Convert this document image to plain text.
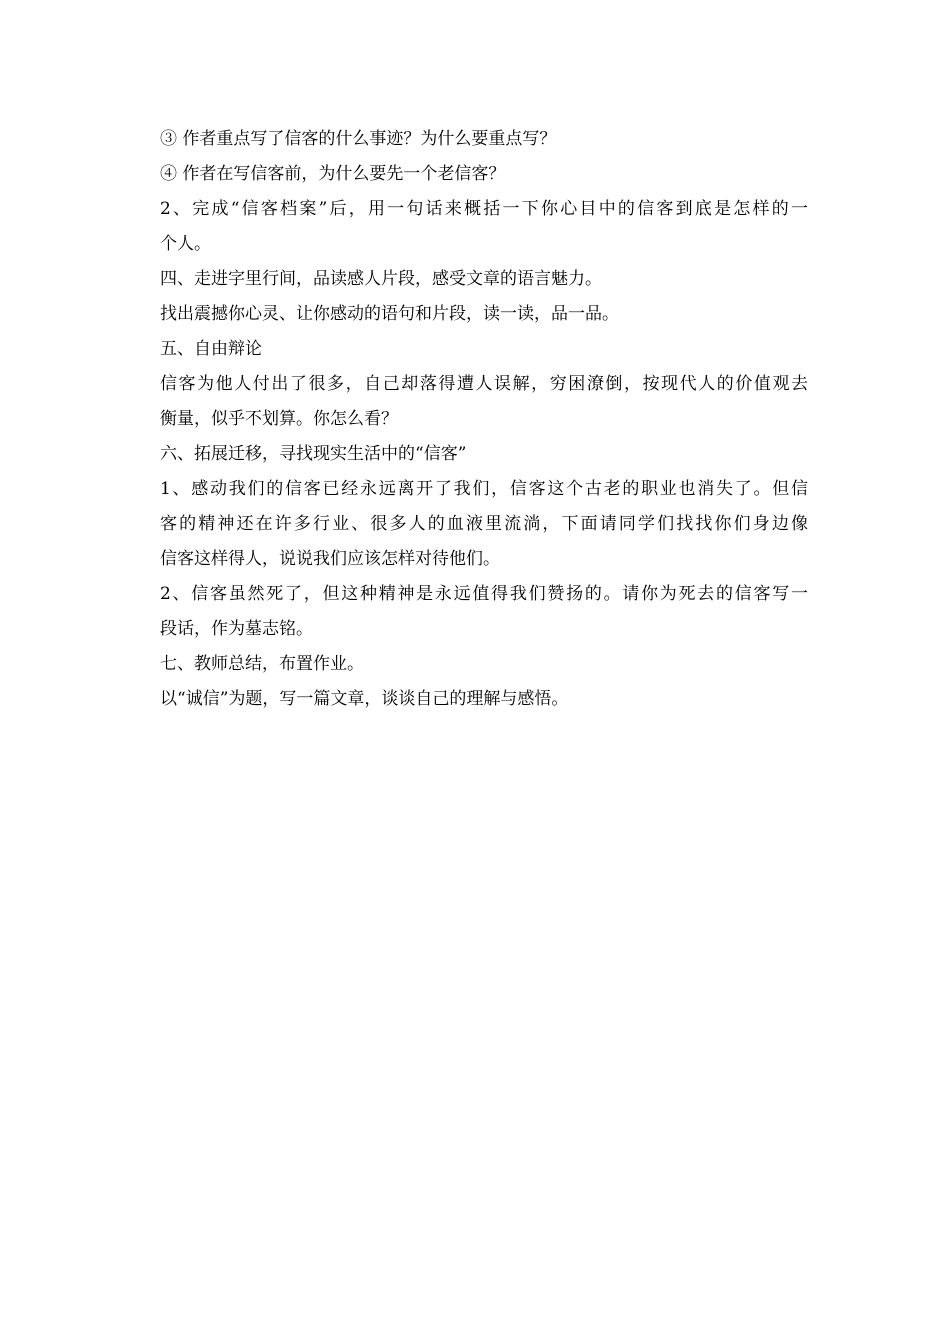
③ 作者重点写了信客的什么事迹？为什么要重点写？
④ 作者在写信客前，为什么要先一个老信客？
2、完成“信客档案”后，用一句话来概括一下你心目中的信客到底是怎样的一
个人。
四、走进字里行间，品读感人片段，感受文章的语言魅力。
找出震撼你心灵、让你感动的语句和片段，读一读，品一品。
五、自由辩论
信客为他人付出了很多，自己却落得遭人误解，穷困潦倒，按现代人的价值观去
衡量，似乎不划算。你怎么看？
六、拓展迁移，寻找现实生活中的“信客”
1、感动我们的信客已经永远离开了我们，信客这个古老的职业也消失了。但信
客的精神还在许多行业、很多人的血液里流淌，下面请同学们找找你们身边像
信客这样得人，说说我们应该怎样对待他们。
2、信客虽然死了，但这种精神是永远值得我们赞扬的。请你为死去的信客写一
段话，作为墓志铭。
七、教师总结，布置作业。
以“诚信”为题，写一篇文章，谈谈自己的理解与感悟。
